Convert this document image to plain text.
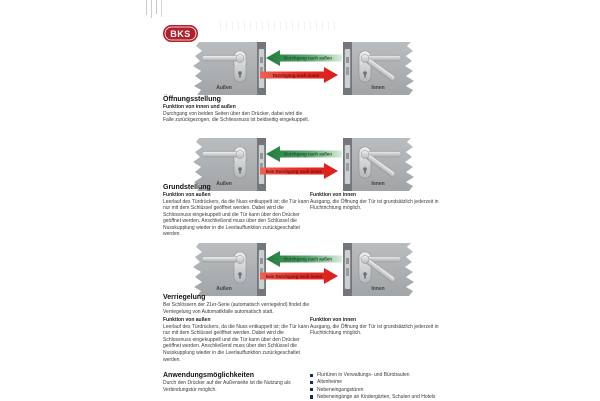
BKS
Durchgang nach außen
Durchgang nach innen
Außen	Innen
Öffnungsstellung
Funktion von innen und außen

Durchgang von beiden Seiten über den Drücker, dabei wird die Falle zurückgezogen, die Schliessnuss ist beidseitig eingekuppelt.

Durchgang nach außen
kein Durchgang nach innen
Außen	Innen
Grundstellung
Funktion von außen

Leerlauf des Türdrückers, da die Nuss entkuppelt ist; die Tür kann nur mit dem Schlüssel geöffnet werden. Dabei wird die Schlossnuss eingekuppelt und die Tür kann über den Drücker geöffnet werden. Anschließend muss über den Schlüssel die Nusskupplung wieder in die Leerlauffunktion zurückgeschaltet werden.

Funktion von innen

Ausgang, die Öffnung der Tür ist grundsätzlich jederzeit in Fluchtrichtung möglich.

Durchgang nach außen
kein Durchgang nach innen
Außen	Innen
Verriegelung

Bei Schlössern der 21er-Serie (automatisch verriegelnd) findet die Verriegelung von Automatikfalle automatisch statt.

Funktion von außen

Leerlauf des Türdrückers, da die Nuss entkuppelt ist; die Tür kann nur mit dem Schlüssel geöffnet werden. Dabei wird die Schlossnuss eingekuppelt und die Tür kann über den Drücker geöffnet werden. Anschließend muss über den Schlüssel die Nusskupplung wieder in die Leerlauffunktion zurückgeschaltet werden.

Funktion von innen

Ausgang, die Öffnung der Tür ist grundsätzlich jederzeit in Fluchtrichtung möglich.

Anwendungsmöglichkeiten

Durch den Drücker auf der Außenseite ist die Nutzung als Verbindungstür möglich.

Flurtüren in Verwaltungs- und Bürobauten
Altenheime
Nebeneingangstüren
Nebeneingänge an Kindergärten, Schulen und Hotels
